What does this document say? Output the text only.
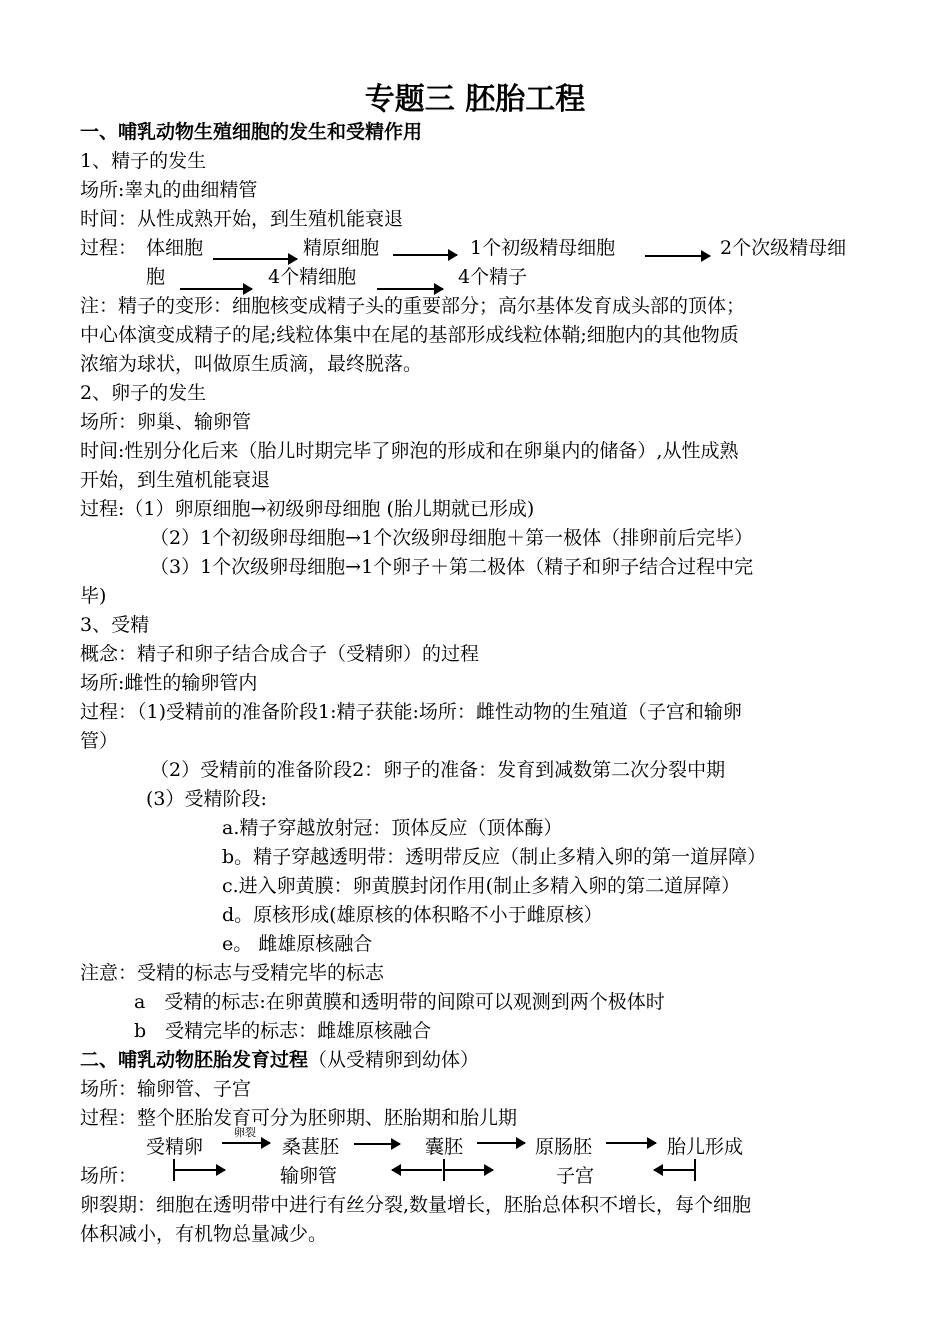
专题三 胚胎工程
一、哺乳动物生殖细胞的发生和受精作用
1、精子的发生
场所:睾丸的曲细精管
时间：从性成熟开始，到生殖机能衰退
过程： 体细胞	精原细胞	1个初级精母细胞	2个次级精母细
胞	4个精细胞	4个精子
注：精子的变形：细胞核变成精子头的重要部分；高尔基体发育成头部的顶体；
中心体演变成精子的尾;线粒体集中在尾的基部形成线粒体鞘;细胞内的其他物质
浓缩为球状，叫做原生质滴，最终脱落。
2、卵子的发生
场所：卵巢、输卵管
时间:性别分化后来（胎儿时期完毕了卵泡的形成和在卵巢内的储备）,从性成熟
开始，到生殖机能衰退
过程:（1）卵原细胞→初级卵母细胞 (胎儿期就已形成)
（2）1个初级卵母细胞→1个次级卵母细胞＋第一极体（排卵前后完毕）
（3）1个次级卵母细胞→1个卵子＋第二极体（精子和卵子结合过程中完
毕)
3、受精
概念：精子和卵子结合成合子（受精卵）的过程
场所:雌性的输卵管内
过程：（1)受精前的准备阶段1:精子获能:场所：雌性动物的生殖道（子宫和输卵
管）
（2）受精前的准备阶段2：卵子的准备：发育到减数第二次分裂中期
(3）受精阶段:
a.精子穿越放射冠：顶体反应（顶体酶）
b。精子穿越透明带：透明带反应（制止多精入卵的第一道屏障）
c.进入卵黄膜：卵黄膜封闭作用(制止多精入卵的第二道屏障）
d。原核形成(雄原核的体积略不小于雌原核）
e。 雌雄原核融合
注意：受精的标志与受精完毕的标志
a　受精的标志:在卵黄膜和透明带的间隙可以观测到两个极体时
b　受精完毕的标志：雌雄原核融合
二、哺乳动物胚胎发育过程（从受精卵到幼体）
场所：输卵管、子宫
过程：整个胚胎发育可分为胚卵期、胚胎期和胎儿期
受精卵
卵裂
桑葚胚	囊胚	原肠胚	胎儿形成
场所：	输卵管	子宫
卵裂期：细胞在透明带中进行有丝分裂,数量增长，胚胎总体积不增长，每个细胞
体积减小，有机物总量减少。
